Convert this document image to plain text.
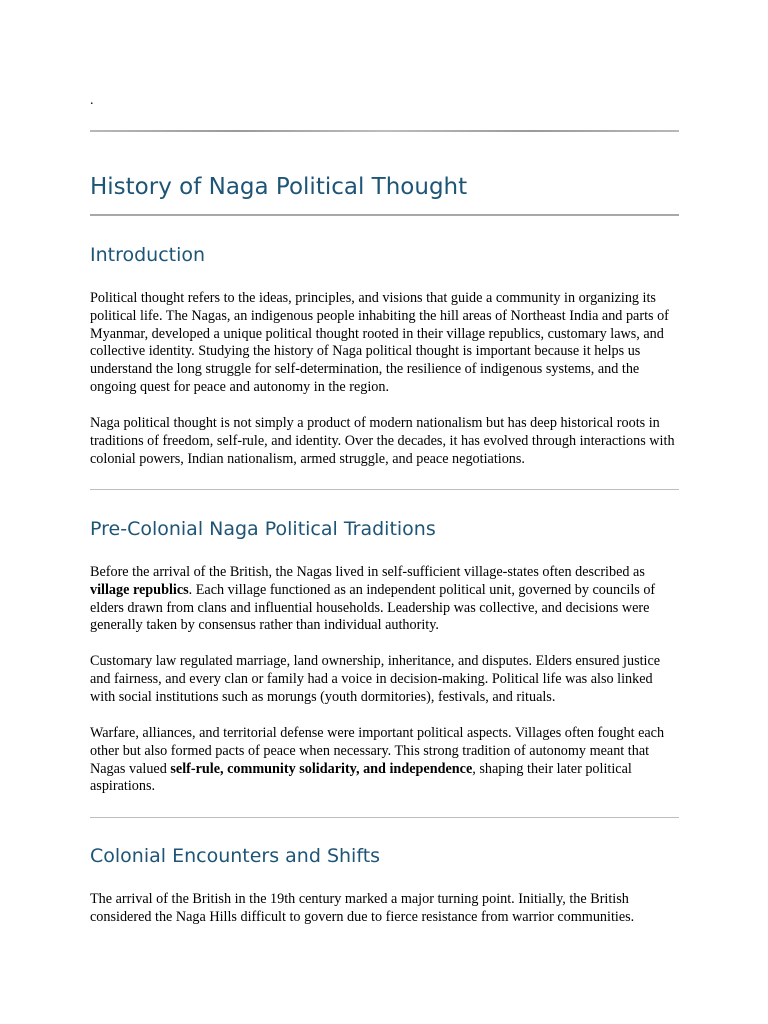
.
History of Naga Political Thought
Introduction

Political thought refers to the ideas, principles, and visions that guide a community in organizing its political life. The Nagas, an indigenous people inhabiting the hill areas of Northeast India and parts of Myanmar, developed a unique political thought rooted in their village republics, customary laws, and collective identity. Studying the history of Naga political thought is important because it helps us understand the long struggle for self-determination, the resilience of indigenous systems, and the ongoing quest for peace and autonomy in the region.

Naga political thought is not simply a product of modern nationalism but has deep historical roots in traditions of freedom, self-rule, and identity. Over the decades, it has evolved through interactions with colonial powers, Indian nationalism, armed struggle, and peace negotiations.

Pre-Colonial Naga Political Traditions

Before the arrival of the British, the Nagas lived in self-sufficient village-states often described as village republics. Each village functioned as an independent political unit, governed by councils of elders drawn from clans and influential households. Leadership was collective, and decisions were generally taken by consensus rather than individual authority.

Customary law regulated marriage, land ownership, inheritance, and disputes. Elders ensured justice and fairness, and every clan or family had a voice in decision-making. Political life was also linked with social institutions such as morungs (youth dormitories), festivals, and rituals.

Warfare, alliances, and territorial defense were important political aspects. Villages often fought each other but also formed pacts of peace when necessary. This strong tradition of autonomy meant that Nagas valued self-rule, community solidarity, and independence, shaping their later political aspirations.

Colonial Encounters and Shifts

The arrival of the British in the 19th century marked a major turning point. Initially, the British considered the Naga Hills difficult to govern due to fierce resistance from warrior communities.
